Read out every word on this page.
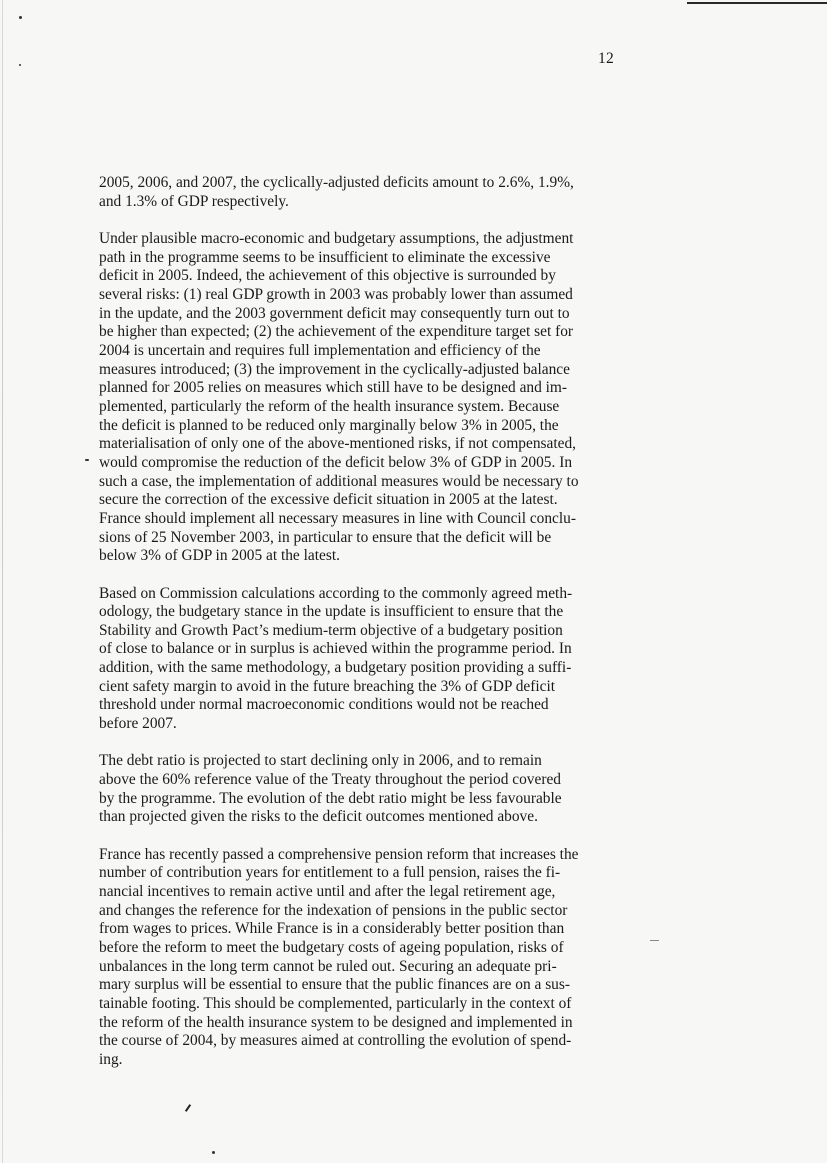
12

2005, 2006, and 2007, the cyclically-adjusted deficits amount to 2.6%, 1.9%,
and 1.3% of GDP respectively.

Under plausible macro-economic and budgetary assumptions, the adjustment
path in the programme seems to be insufficient to eliminate the excessive
deficit in 2005. Indeed, the achievement of this objective is surrounded by
several risks: (1) real GDP growth in 2003 was probably lower than assumed
in the update, and the 2003 government deficit may consequently turn out to
be higher than expected; (2) the achievement of the expenditure target set for
2004 is uncertain and requires full implementation and efficiency of the
measures introduced; (3) the improvement in the cyclically-adjusted balance
planned for 2005 relies on measures which still have to be designed and im-
plemented, particularly the reform of the health insurance system. Because
the deficit is planned to be reduced only marginally below 3% in 2005, the
materialisation of only one of the above-mentioned risks, if not compensated,
would compromise the reduction of the deficit below 3% of GDP in 2005. In
such a case, the implementation of additional measures would be necessary to
secure the correction of the excessive deficit situation in 2005 at the latest.
France should implement all necessary measures in line with Council conclu-
sions of 25 November 2003, in particular to ensure that the deficit will be
below 3% of GDP in 2005 at the latest.

Based on Commission calculations according to the commonly agreed meth-
odology, the budgetary stance in the update is insufficient to ensure that the
Stability and Growth Pact’s medium-term objective of a budgetary position
of close to balance or in surplus is achieved within the programme period. In
addition, with the same methodology, a budgetary position providing a suffi-
cient safety margin to avoid in the future breaching the 3% of GDP deficit
threshold under normal macroeconomic conditions would not be reached
before 2007.

The debt ratio is projected to start declining only in 2006, and to remain
above the 60% reference value of the Treaty throughout the period covered
by the programme. The evolution of the debt ratio might be less favourable
than projected given the risks to the deficit outcomes mentioned above.

France has recently passed a comprehensive pension reform that increases the
number of contribution years for entitlement to a full pension, raises the fi-
nancial incentives to remain active until and after the legal retirement age,
and changes the reference for the indexation of pensions in the public sector
from wages to prices. While France is in a considerably better position than
before the reform to meet the budgetary costs of ageing population, risks of
unbalances in the long term cannot be ruled out. Securing an adequate pri-
mary surplus will be essential to ensure that the public finances are on a sus-
tainable footing. This should be complemented, particularly in the context of
the reform of the health insurance system to be designed and implemented in
the course of 2004, by measures aimed at controlling the evolution of spend-
ing.
